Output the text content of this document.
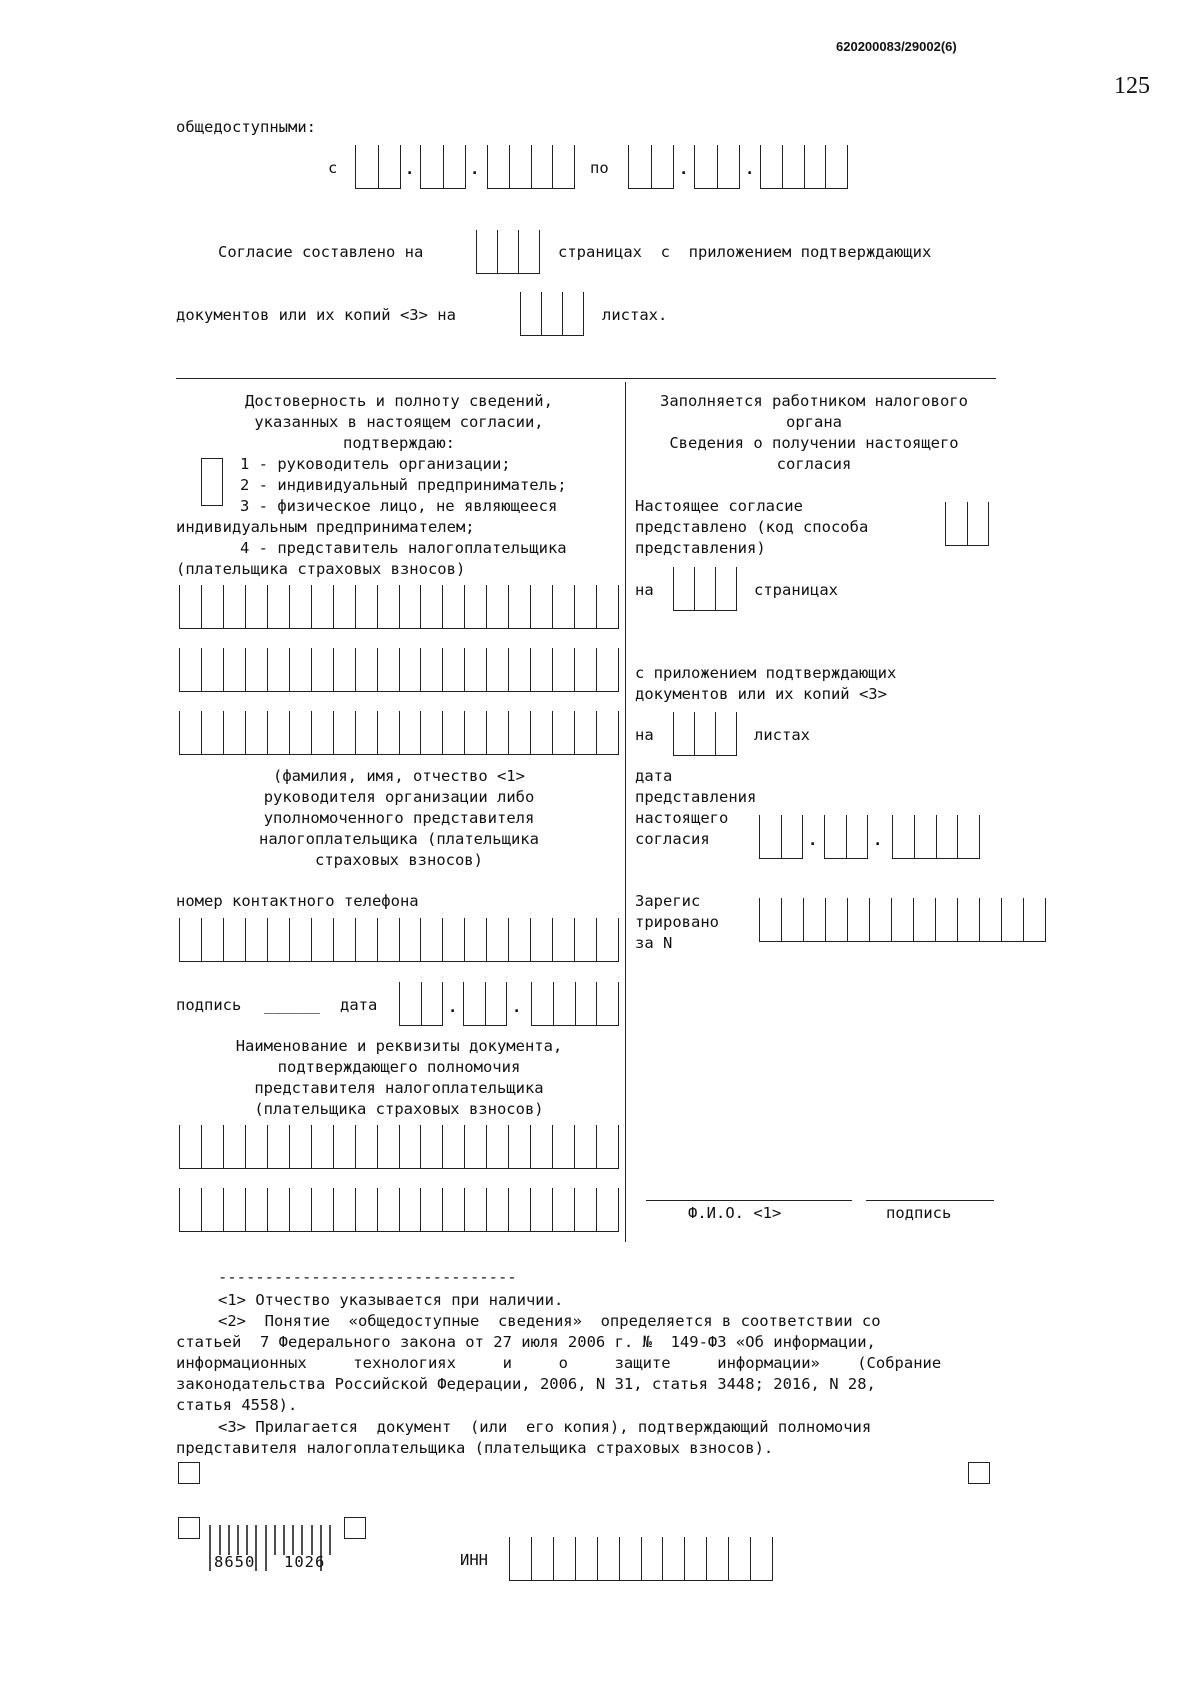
620200083/29002(6)
125
общедоступными:
с	.	.	по	.	.
Согласие составлено на	страницах  с  приложением подтверждающих
документов или их копий <3> на	листах.
Достоверность и полноту сведений,
указанных в настоящем согласии,
подтверждаю:
1 - руководитель организации;
2 - индивидуальный предприниматель;
3 - физическое лицо, не являющееся
индивидуальным предпринимателем;
4 - представитель налогоплательщика
(плательщика страховых взносов)
(фамилия, имя, отчество <1>
руководителя организации либо
уполномоченного представителя
налогоплательщика (плательщика
страховых взносов)
номер контактного телефона
подпись ______ дата	.	.
Наименование и реквизиты документа,
подтверждающего полномочия
представителя налогоплательщика
(плательщика страховых взносов)
Заполняется работником налогового
органа
Сведения о получении настоящего
согласия
Настоящее согласие
представлено (код способа
представления)
на	страницах
с приложением подтверждающих
документов или их копий <3>
на	листах
дата
представления
настоящего
согласия	.	.
Зарегис
трировано
за N
Ф.И.О. <1>	подпись
--------------------------------
<1> Отчество указывается при наличии.
<2>  Понятие  «общедоступные  сведения»  определяется в соответствии со
статьей  7 Федерального закона от 27 июля 2006 г. №  149-ФЗ «Об информации,
информационных     технологиях     и     о     защите     информации»    (Собрание
законодательства Российской Федерации, 2006, N 31, статья 3448; 2016, N 28,
статья 4558).
<3> Прилагается  документ  (или  его копия), подтверждающий полномочия
представителя налогоплательщика (плательщика страховых взносов).
8650 1026	ИНН
